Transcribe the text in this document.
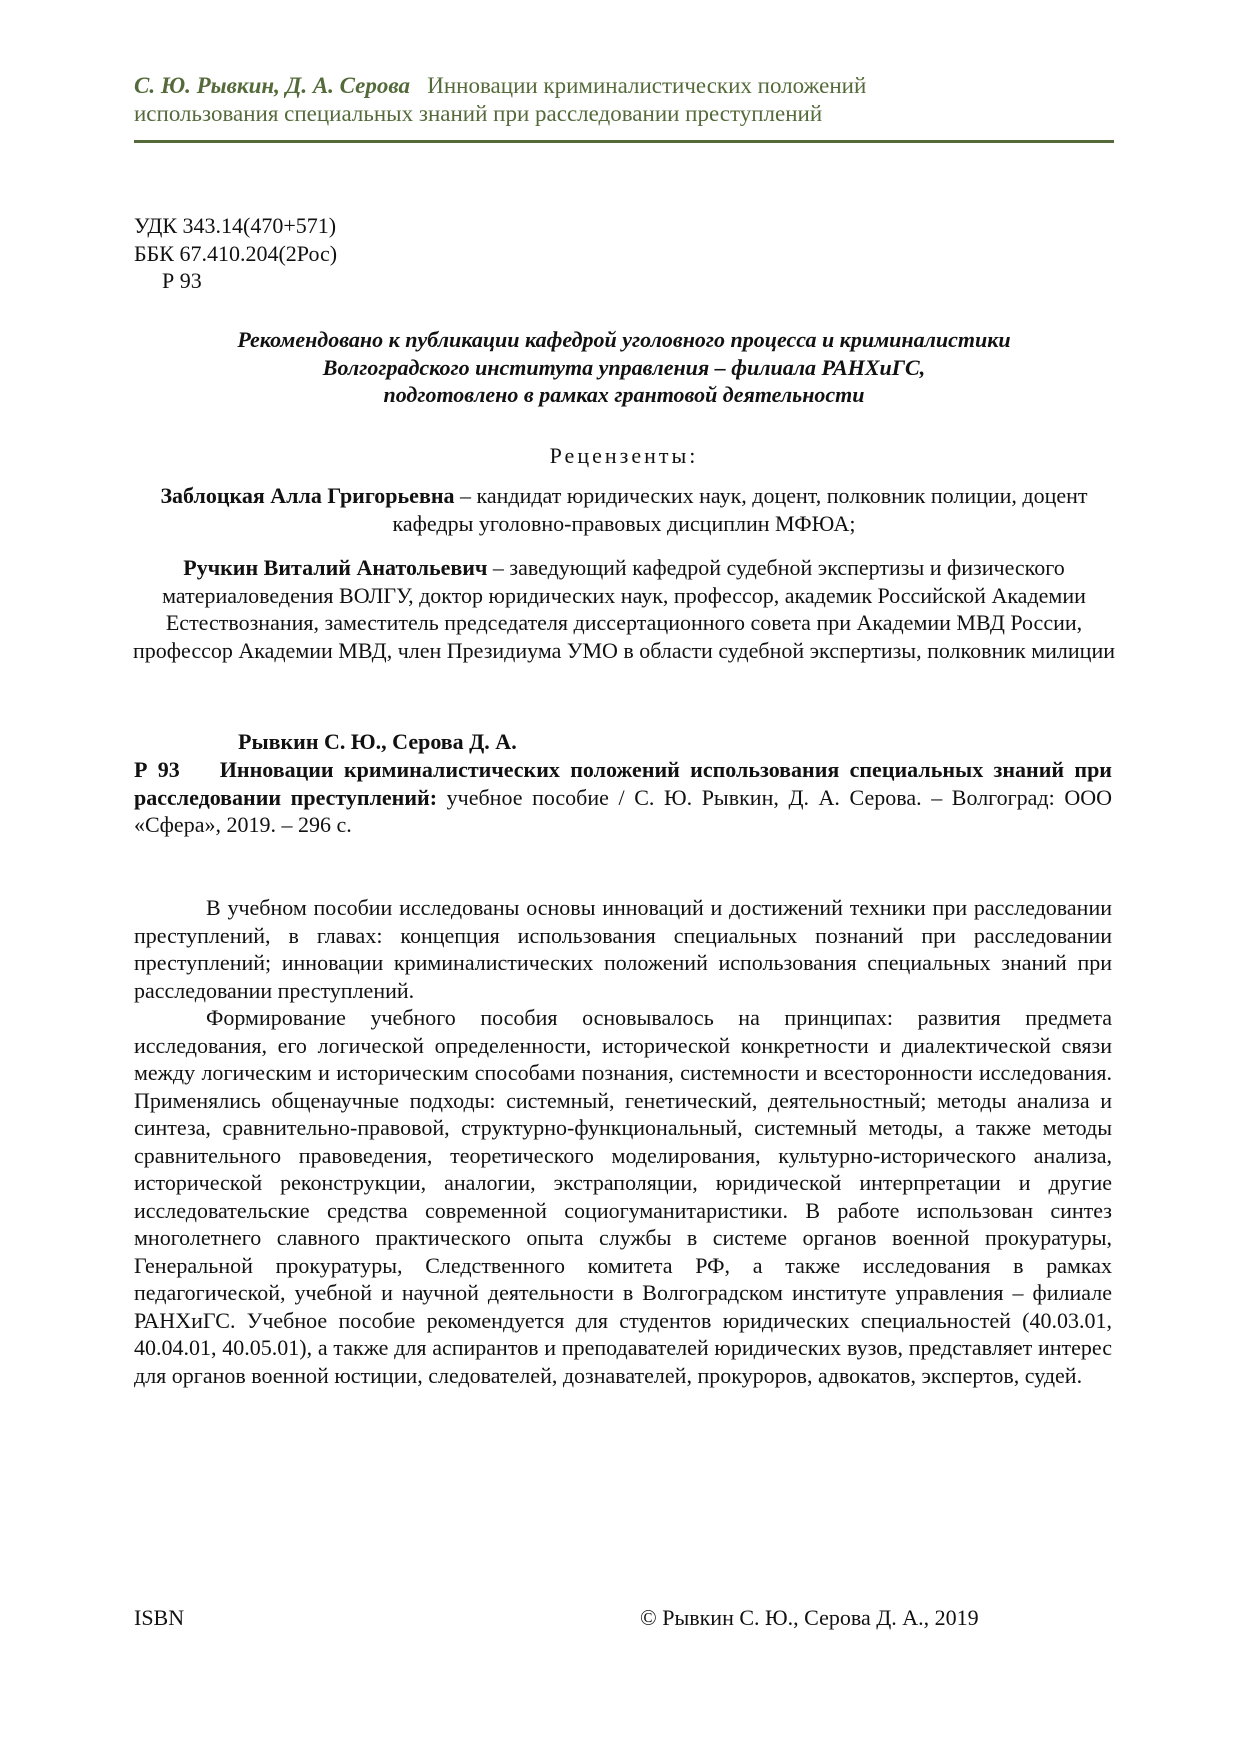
С. Ю. Рывкин, Д. А. Серова Инновации криминалистических положений
использования специальных знаний при расследовании преступлений
УДК 343.14(470+571)
ББК 67.410.204(2Рос)
Р 93
Рекомендовано к публикации кафедрой уголовного процесса и криминалистики
Волгоградского института управления – филиала РАНХиГС,
подготовлено в рамках грантовой деятельности
Рецензенты:
Заблоцкая Алла Григорьевна – кандидат юридических наук, доцент, полковник полиции, доцент кафедры уголовно-правовых дисциплин МФЮА;
Ручкин Виталий Анатольевич – заведующий кафедрой судебной экспертизы и физического материаловедения ВОЛГУ, доктор юридических наук, профессор, академик Российской Академии Естествознания, заместитель председателя диссертационного совета при Академии МВД России, профессор Академии МВД, член Президиума УМО в области судебной экспертизы, полковник милиции
Рывкин С. Ю., Серова Д. А.
Р 93 Инновации криминалистических положений использования специальных знаний при расследовании преступлений: учебное пособие / С. Ю. Рывкин, Д. А. Серова. – Волгоград: ООО «Сфера», 2019. – 296 с.

В учебном пособии исследованы основы инноваций и достижений техники при расследовании преступлений, в главах: концепция использования специальных познаний при расследовании преступлений; инновации криминалистических положений использования специальных знаний при расследовании преступлений.

Формирование учебного пособия основывалось на принципах: развития предмета исследования, его логической определенности, исторической конкретности и диалектической связи между логическим и историческим способами познания, системности и всесторонности исследования. Применялись общенаучные подходы: системный, генетический, деятельностный; методы анализа и синтеза, сравнительно-правовой, структурно-функциональный, системный методы, а также методы сравнительного правоведения, теоретического моделирования, культурно-исторического анализа, исторической реконструкции, аналогии, экстраполяции, юридической интерпретации и другие исследовательские средства современной социогуманитаристики. В работе использован синтез многолетнего славного практического опыта службы в системе органов военной прокуратуры, Генеральной прокуратуры, Следственного комитета РФ, а также исследования в рамках педагогической, учебной и научной деятельности в Волгоградском институте управления – филиале РАНХиГС. Учебное пособие рекомендуется для студентов юридических специальностей (40.03.01, 40.04.01, 40.05.01), а также для аспирантов и преподавателей юридических вузов, представляет интерес для органов военной юстиции, следователей, дознавателей, прокуроров, адвокатов, экспертов, судей.

ISBN	© Рывкин С. Ю., Серова Д. А., 2019
